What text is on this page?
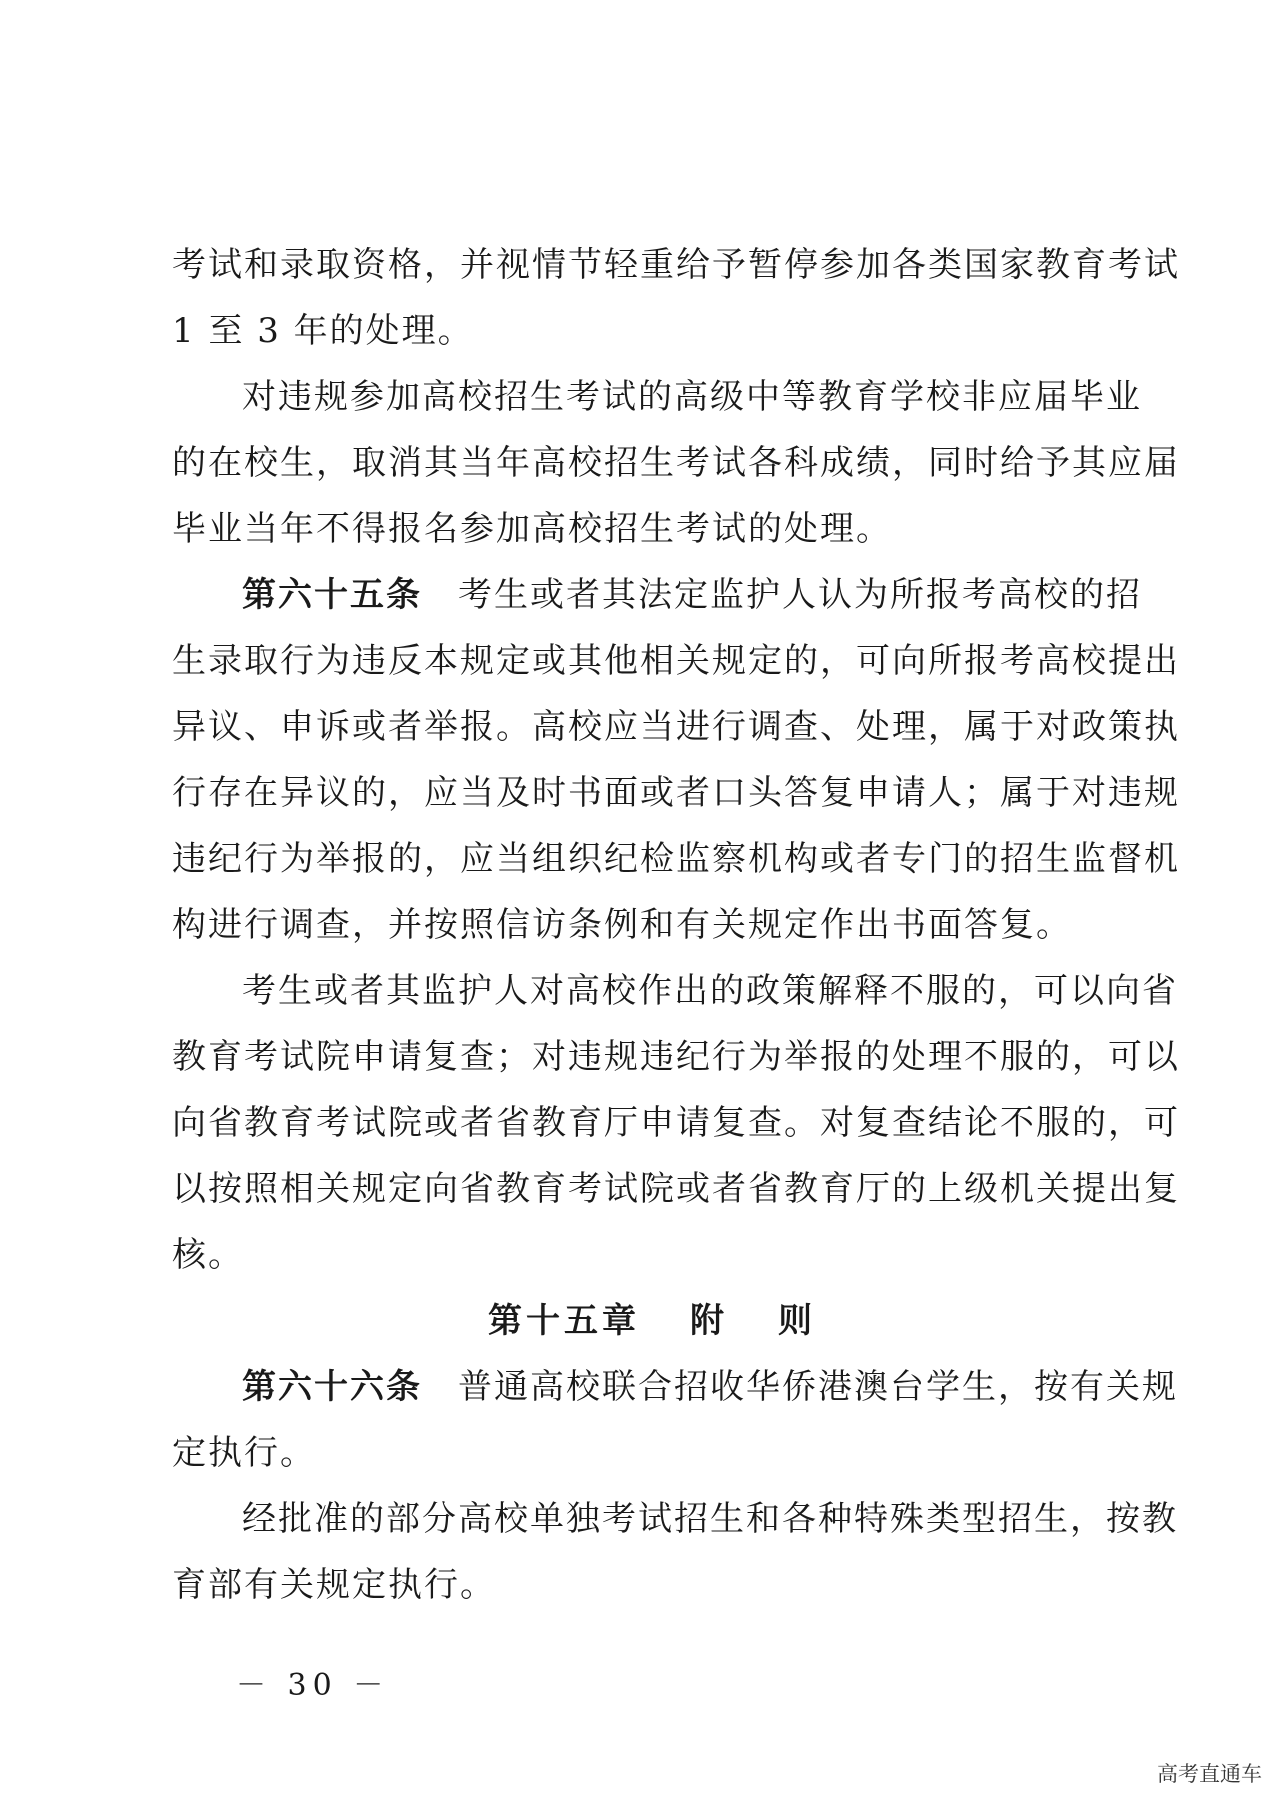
考试和录取资格，并视情节轻重给予暂停参加各类国家教育考试
1 至 3 年的处理。
对违规参加高校招生考试的高级中等教育学校非应届毕业
的在校生，取消其当年高校招生考试各科成绩，同时给予其应届
毕业当年不得报名参加高校招生考试的处理。
第六十五条 考生或者其法定监护人认为所报考高校的招
生录取行为违反本规定或其他相关规定的，可向所报考高校提出
异议、申诉或者举报。高校应当进行调查、处理，属于对政策执
行存在异议的，应当及时书面或者口头答复申请人；属于对违规
违纪行为举报的，应当组织纪检监察机构或者专门的招生监督机
构进行调查，并按照信访条例和有关规定作出书面答复。
考生或者其监护人对高校作出的政策解释不服的，可以向省
教育考试院申请复查；对违规违纪行为举报的处理不服的，可以
向省教育考试院或者省教育厅申请复查。对复查结论不服的，可
以按照相关规定向省教育考试院或者省教育厅的上级机关提出复
核。
第十五章 附 则
第六十六条 普通高校联合招收华侨港澳台学生，按有关规
定执行。
经批准的部分高校单独考试招生和各种特殊类型招生，按教
育部有关规定执行。
－ 30 －
高考直通车
